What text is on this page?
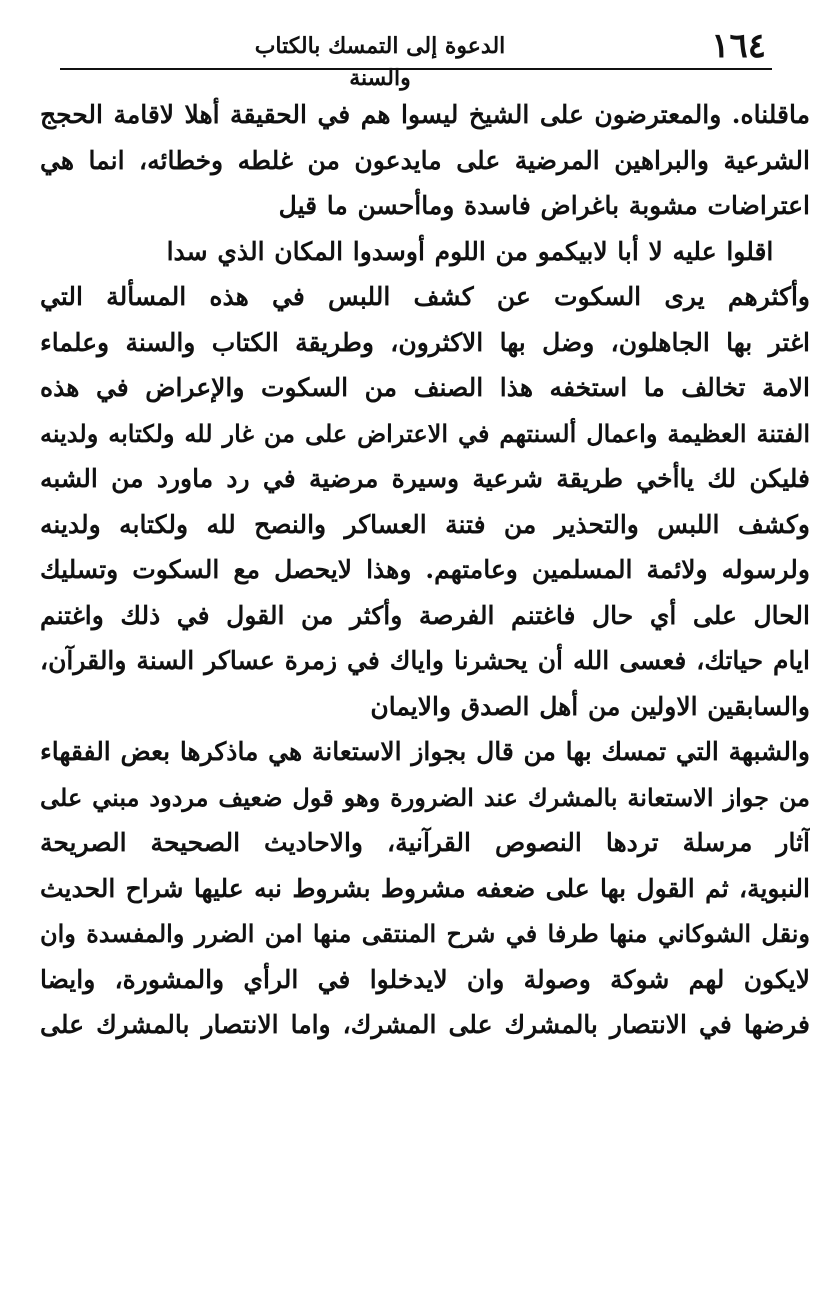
١٦٤
الدعوة إلى التمسك بالكتاب والسنة
ماقلناه. والمعترضون على الشيخ ليسوا هم في الحقيقة أهلا لاقامة الحجج
الشرعية والبراهين المرضية على مايدعون من غلطه وخطائه، انما هي
اعتراضات مشوبة باغراض فاسدة وماأحسن ما قيل
اقلوا عليه لا أبا لابيكمو من اللوم أوسدوا المكان الذي سدا
وأكثرهم يرى السكوت عن كشف اللبس في هذه المسألة التي
اغتر بها الجاهلون، وضل بها الاكثرون، وطريقة الكتاب والسنة وعلماء
الامة تخالف ما استخفه هذا الصنف من السكوت والإعراض في هذه
الفتنة العظيمة واعمال ألسنتهم في الاعتراض على من غار لله ولكتابه ولدينه
فليكن لك ياأخي طريقة شرعية وسيرة مرضية في رد ماورد من الشبه
وكشف اللبس والتحذير من فتنة العساكر والنصح لله ولكتابه ولدينه
ولرسوله ولائمة المسلمين وعامتهم. وهذا لايحصل مع السكوت وتسليك
الحال على أي حال فاغتنم الفرصة وأكثر من القول في ذلك واغتنم
ايام حياتك، فعسى الله أن يحشرنا واياك في زمرة عساكر السنة والقرآن،
والسابقين الاولين من أهل الصدق والايمان
والشبهة التي تمسك بها من قال بجواز الاستعانة هي ماذكرها بعض الفقهاء
من جواز الاستعانة بالمشرك عند الضرورة وهو قول ضعيف مردود مبني على
آثار مرسلة تردها النصوص القرآنية، والاحاديث الصحيحة الصريحة
النبوية، ثم القول بها على ضعفه مشروط بشروط نبه عليها شراح الحديث
ونقل الشوكاني منها طرفا في شرح المنتقى منها امن الضرر والمفسدة وان
لايكون لهم شوكة وصولة وان لايدخلوا في الرأي والمشورة، وايضا
فرضها في الانتصار بالمشرك على المشرك، واما الانتصار بالمشرك على
